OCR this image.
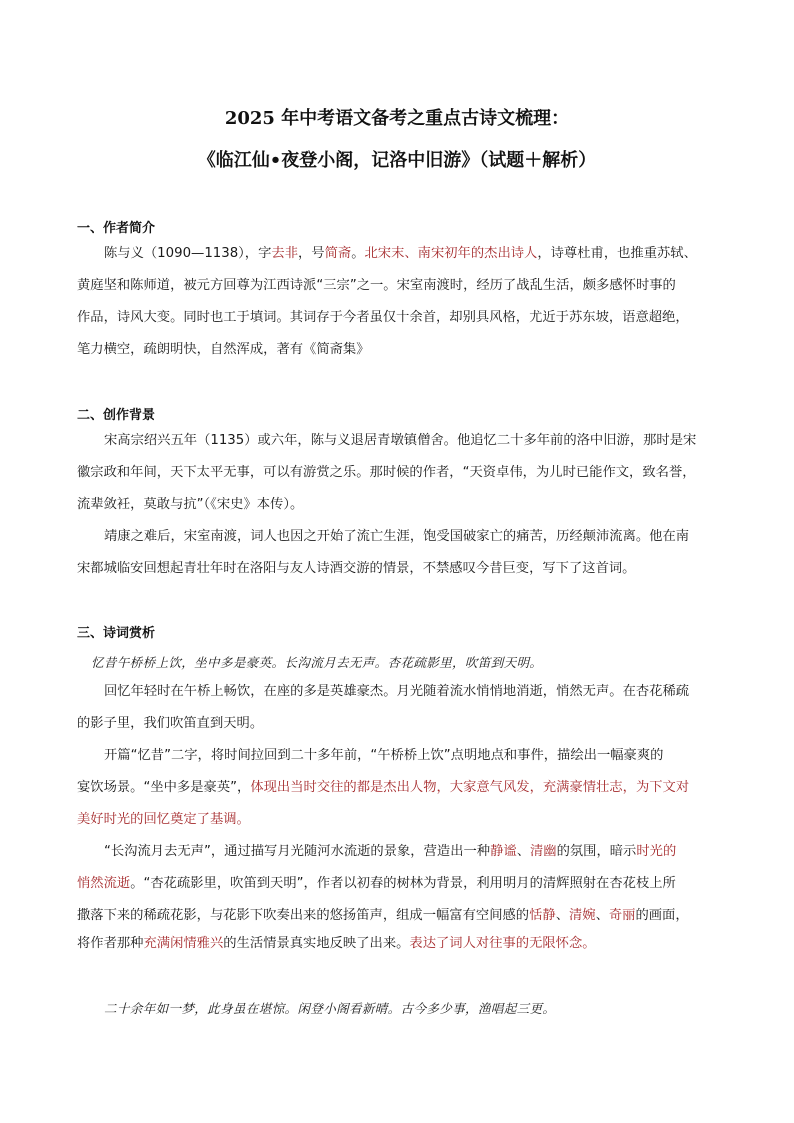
2025 年中考语文备考之重点古诗文梳理：
《临江仙•夜登小阁，记洛中旧游》（试题＋解析）
一、作者简介
陈与义（1090—1138），字去非，号简斋。北宋末、南宋初年的杰出诗人，诗尊杜甫，也推重苏轼、
黄庭坚和陈师道，被元方回尊为江西诗派“三宗”之一。宋室南渡时，经历了战乱生活，颇多感怀时事的
作品，诗风大变。同时也工于填词。其词存于今者虽仅十余首，却别具风格，尤近于苏东坡，语意超绝，
笔力横空，疏朗明快，自然浑成，著有《简斋集》
二、创作背景
宋高宗绍兴五年（1135）或六年，陈与义退居青墩镇僧舍。他追忆二十多年前的洛中旧游，那时是宋
徽宗政和年间，天下太平无事，可以有游赏之乐。那时候的作者，“天资卓伟，为儿时已能作文，致名誉，
流辈敛衽，莫敢与抗”（《宋史》本传）。
靖康之难后，宋室南渡，词人也因之开始了流亡生涯，饱受国破家亡的痛苦，历经颠沛流离。他在南
宋都城临安回想起青壮年时在洛阳与友人诗酒交游的情景，不禁感叹今昔巨变，写下了这首词。
三、诗词赏析
忆昔午桥桥上饮，坐中多是豪英。长沟流月去无声。杏花疏影里，吹笛到天明。
回忆年轻时在午桥上畅饮，在座的多是英雄豪杰。月光随着流水悄悄地消逝，悄然无声。在杏花稀疏
的影子里，我们吹笛直到天明。
开篇“忆昔”二字，将时间拉回到二十多年前，“午桥桥上饮”点明地点和事件，描绘出一幅豪爽的
宴饮场景。“坐中多是豪英”，体现出当时交往的都是杰出人物，大家意气风发，充满豪情壮志，为下文对
美好时光的回忆奠定了基调。
“长沟流月去无声”，通过描写月光随河水流逝的景象，营造出一种静谧、清幽的氛围，暗示时光的
悄然流逝。“杏花疏影里，吹笛到天明”，作者以初春的树林为背景，利用明月的清辉照射在杏花枝上所
撒落下来的稀疏花影，与花影下吹奏出来的悠扬笛声，组成一幅富有空间感的恬静、清婉、奇丽的画面，
将作者那种充满闲情雅兴的生活情景真实地反映了出来。表达了词人对往事的无限怀念。
二十余年如一梦，此身虽在堪惊。闲登小阁看新晴。古今多少事，渔唱起三更。
